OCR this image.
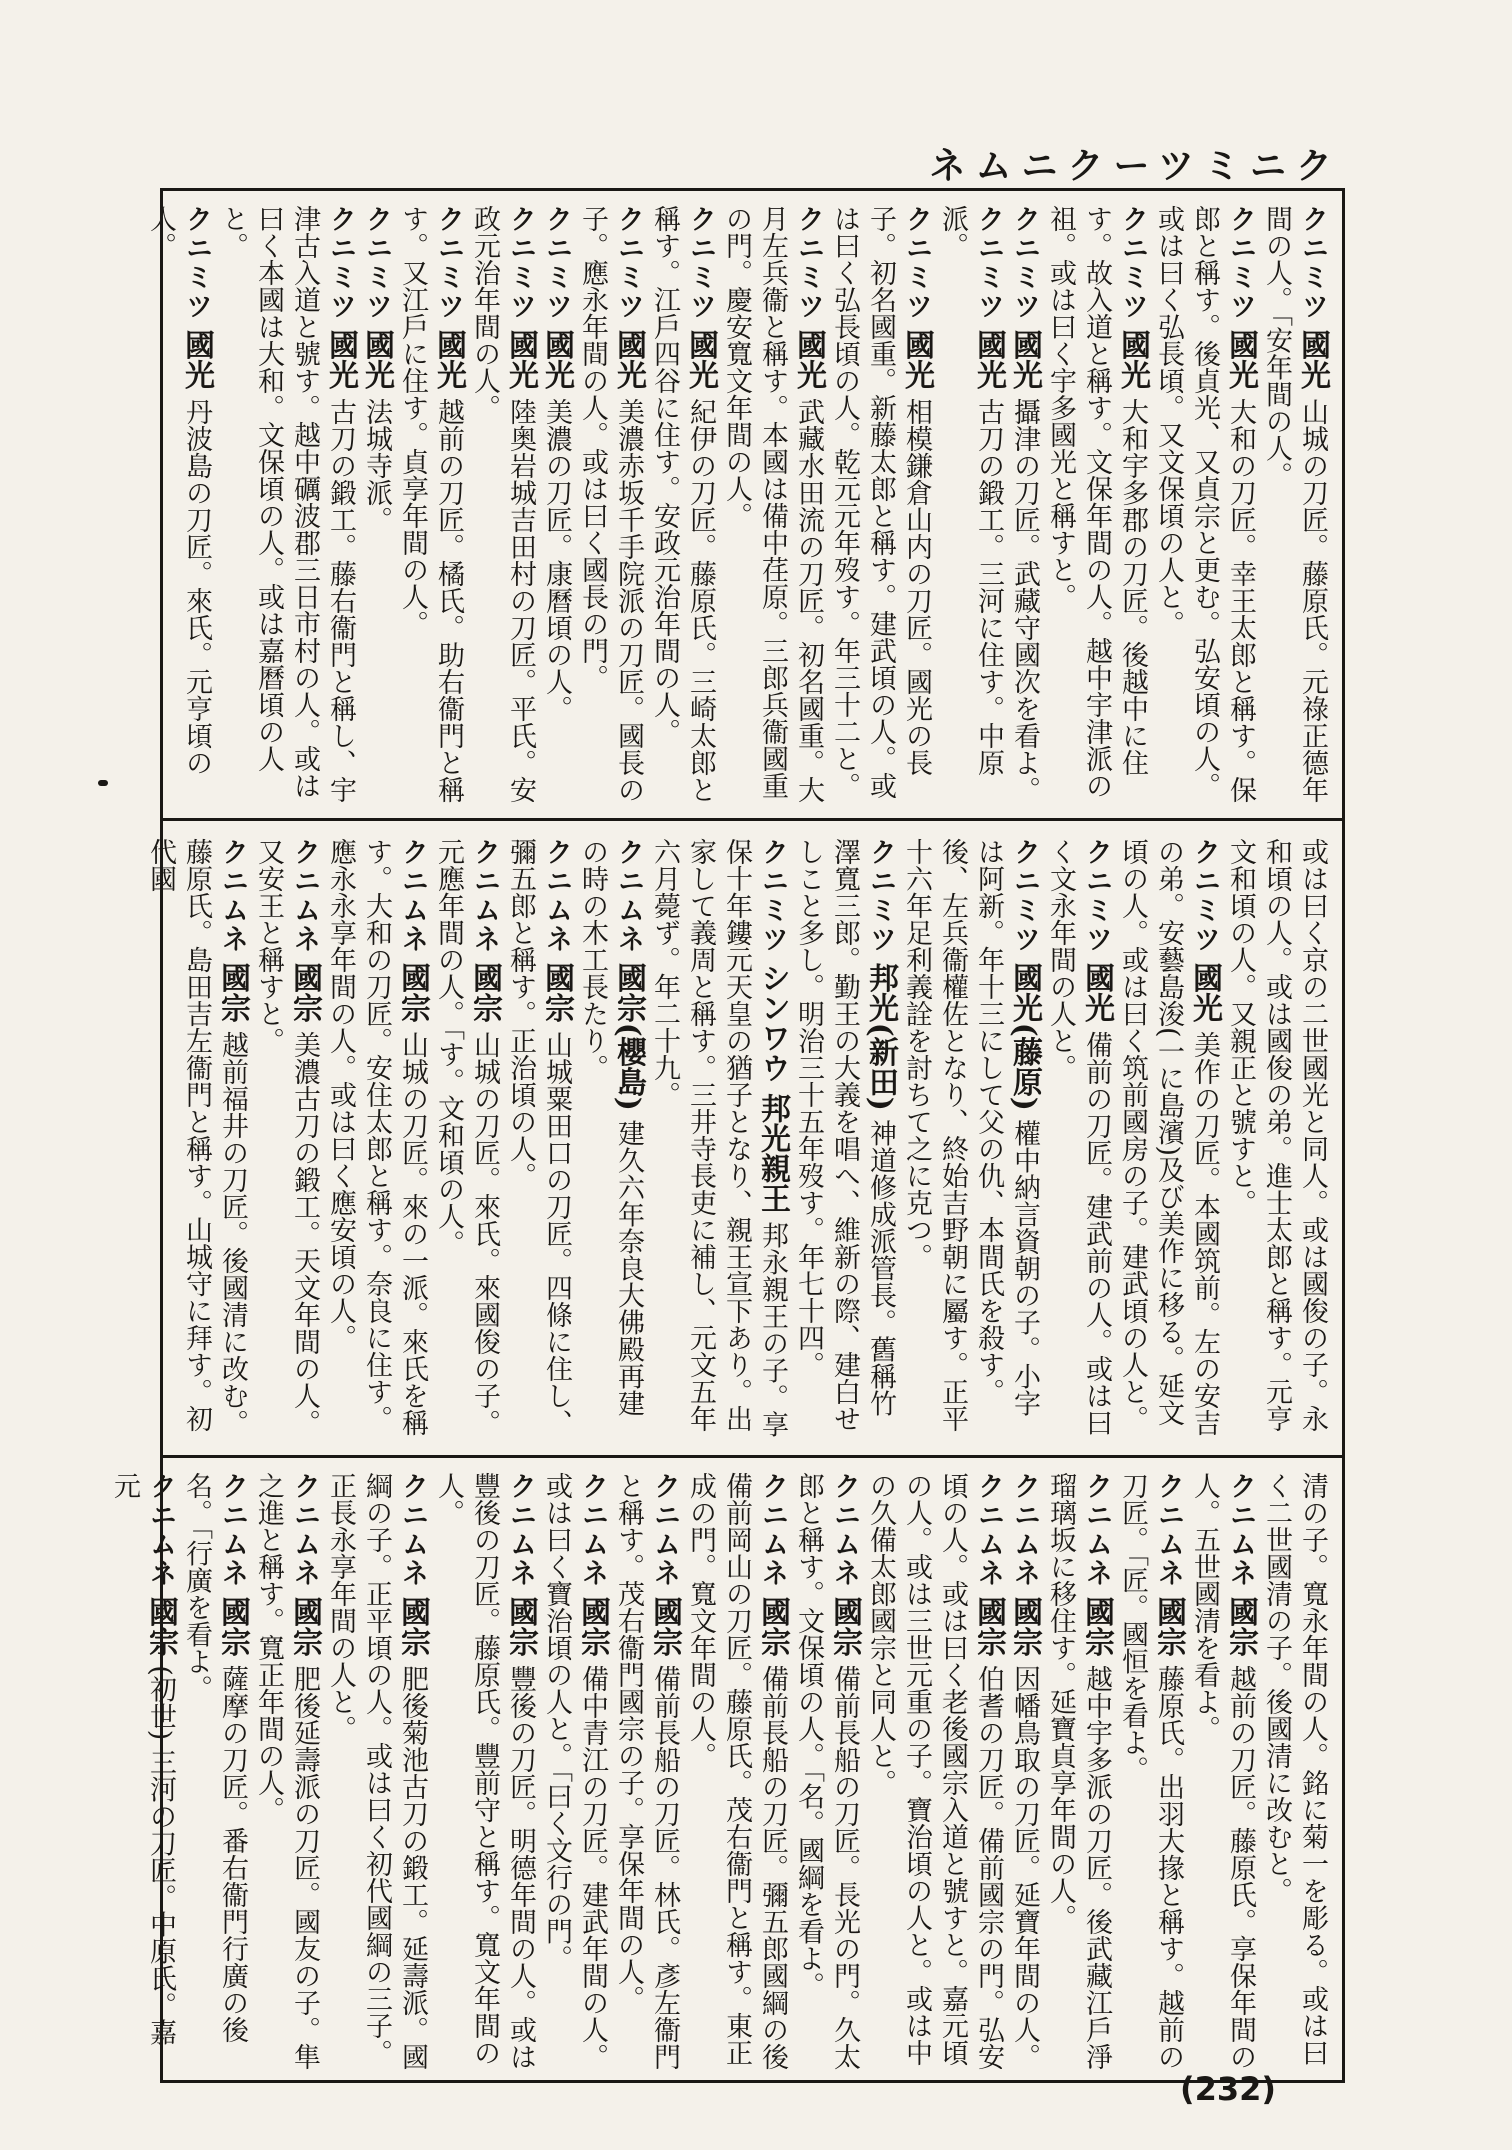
ネムニクーツミニク

クニミツ 國光 山城の刀匠。藤原氏。元祿正德年間の人。「安年間の人。

クニミツ 國光 大和の刀匠。幸王太郎と稱す。保郎と稱す。後貞光、又貞宗と更む。弘安頃の人。或は曰く弘長頃。又文保頃の人と。

クニミツ 國光 大和宇多郡の刀匠。後越中に住す。故入道と稱す。文保年間の人。越中宇津派の祖。或は曰く宇多國光と稱すと。

クニミツ 國光 攝津の刀匠。武藏守國次を看よ。

クニミツ 國光 古刀の鍛工。三河に住す。中原派。

クニミツ 國光 相模鎌倉山内の刀匠。國光の長子。初名國重。新藤太郎と稱す。建武頃の人。或は曰く弘長頃の人。乾元元年歿す。年三十二と。

クニミツ 國光 武藏水田流の刀匠。初名國重。大月左兵衞と稱す。本國は備中荏原。三郎兵衞國重の門。慶安寬文年間の人。

クニミツ 國光 紀伊の刀匠。藤原氏。三崎太郎と稱す。江戶四谷に住す。安政元治年間の人。

クニミツ 國光 美濃赤坂千手院派の刀匠。國長の子。應永年間の人。或は曰く國長の門。

クニミツ 國光 美濃の刀匠。康曆頃の人。

クニミツ 國光 陸奥岩城吉田村の刀匠。平氏。安政元治年間の人。

クニミツ 國光 越前の刀匠。橘氏。助右衞門と稱す。又江戶に住す。貞享年間の人。

クニミツ 國光 法城寺派。

クニミツ 國光 古刀の鍛工。藤右衞門と稱し、宇津古入道と號す。越中礪波郡三日市村の人。或は曰く本國は大和。文保頃の人。或は嘉曆頃の人と。

クニミツ 國光 丹波島の刀匠。來氏。元亨頃の人。

或は曰く京の二世國光と同人。或は國俊の子。永和頃の人。或は國俊の弟。進士太郎と稱す。元亨文和頃の人。又親正と號すと。

クニミツ 國光 美作の刀匠。本國筑前。左の安吉の弟。安藝島浚(一に島濱)及び美作に移る。延文頃の人。或は曰く筑前國房の子。建武頃の人と。

クニミツ 國光 備前の刀匠。建武前の人。或は曰く文永年間の人と。

クニミツ 國光(藤原) 權中納言資朝の子。小字は阿新。年十三にして父の仇、本間氏を殺す。後、左兵衞權佐となり、終始吉野朝に屬す。正平十六年足利義詮を討ちて之に克つ。

クニミツ 邦光(新田) 神道修成派管長。舊稱竹澤寬三郎。勤王の大義を唱へ、維新の際、建白せしこと多し。明治三十五年歿す。年七十四。

クニミツ シンワウ 邦光親王 邦永親王の子。享保十年鏤元天皇の猶子となり、親王宣下あり。出家して義周と稱す。三井寺長吏に補し、元文五年六月薨ず。年二十九。

クニムネ 國宗(櫻島) 建久六年奈良大佛殿再建の時の木工長たり。

クニムネ 國宗 山城粟田口の刀匠。四條に住し、彌五郎と稱す。正治頃の人。

クニムネ 國宗 山城の刀匠。來氏。來國俊の子。元應年間の人。「す。文和頃の人。

クニムネ 國宗 山城の刀匠。來の一派。來氏を稱す。大和の刀匠。安住太郎と稱す。奈良に住す。應永永享年間の人。或は曰く應安頃の人。

クニムネ 國宗 美濃古刀の鍛工。天文年間の人。又安王と稱すと。

クニムネ 國宗 越前福井の刀匠。後國清に改む。藤原氏。島田吉左衞門と稱す。山城守に拜す。初代國

清の子。寬永年間の人。銘に菊一を彫る。或は曰く二世國清の子。後國清に改むと。

クニムネ 國宗 越前の刀匠。藤原氏。享保年間の人。五世國清を看よ。

クニムネ 國宗 藤原氏。出羽大掾と稱す。越前の刀匠。「匠。國恒を看よ。

クニムネ 國宗 越中宇多派の刀匠。後武藏江戶淨瑠璃坂に移住す。延寶貞享年間の人。

クニムネ 國宗 因幡鳥取の刀匠。延寶年間の人。

クニムネ 國宗 伯耆の刀匠。備前國宗の門。弘安頃の人。或は曰く老後國宗入道と號すと。嘉元頃の人。或は三世元重の子。寶治頃の人と。或は中の久備太郎國宗と同人と。

クニムネ 國宗 備前長船の刀匠。長光の門。久太郎と稱す。文保頃の人。「名。國綱を看よ。

クニムネ 國宗 備前長船の刀匠。彌五郎國綱の後備前岡山の刀匠。藤原氏。茂右衞門と稱す。東正成の門。寬文年間の人。

クニムネ 國宗 備前長船の刀匠。林氏。彥左衞門と稱す。茂右衞門國宗の子。享保年間の人。

クニムネ 國宗 備中青江の刀匠。建武年間の人。或は曰く寶治頃の人と。「曰く文行の門。

クニムネ 國宗 豐後の刀匠。明德年間の人。或は豐後の刀匠。藤原氏。豐前守と稱す。寬文年間の人。

クニムネ 國宗 肥後菊池古刀の鍛工。延壽派。國綱の子。正平頃の人。或は曰く初代國綱の三子。正長永享年間の人と。

クニムネ 國宗 肥後延壽派の刀匠。國友の子。隼之進と稱す。寬正年間の人。

クニムネ 國宗 薩摩の刀匠。番右衞門行廣の後名。「行廣を看よ。

クニムネ 國宗 (初世) 三河の刀匠。中原氏。嘉元

(232)
